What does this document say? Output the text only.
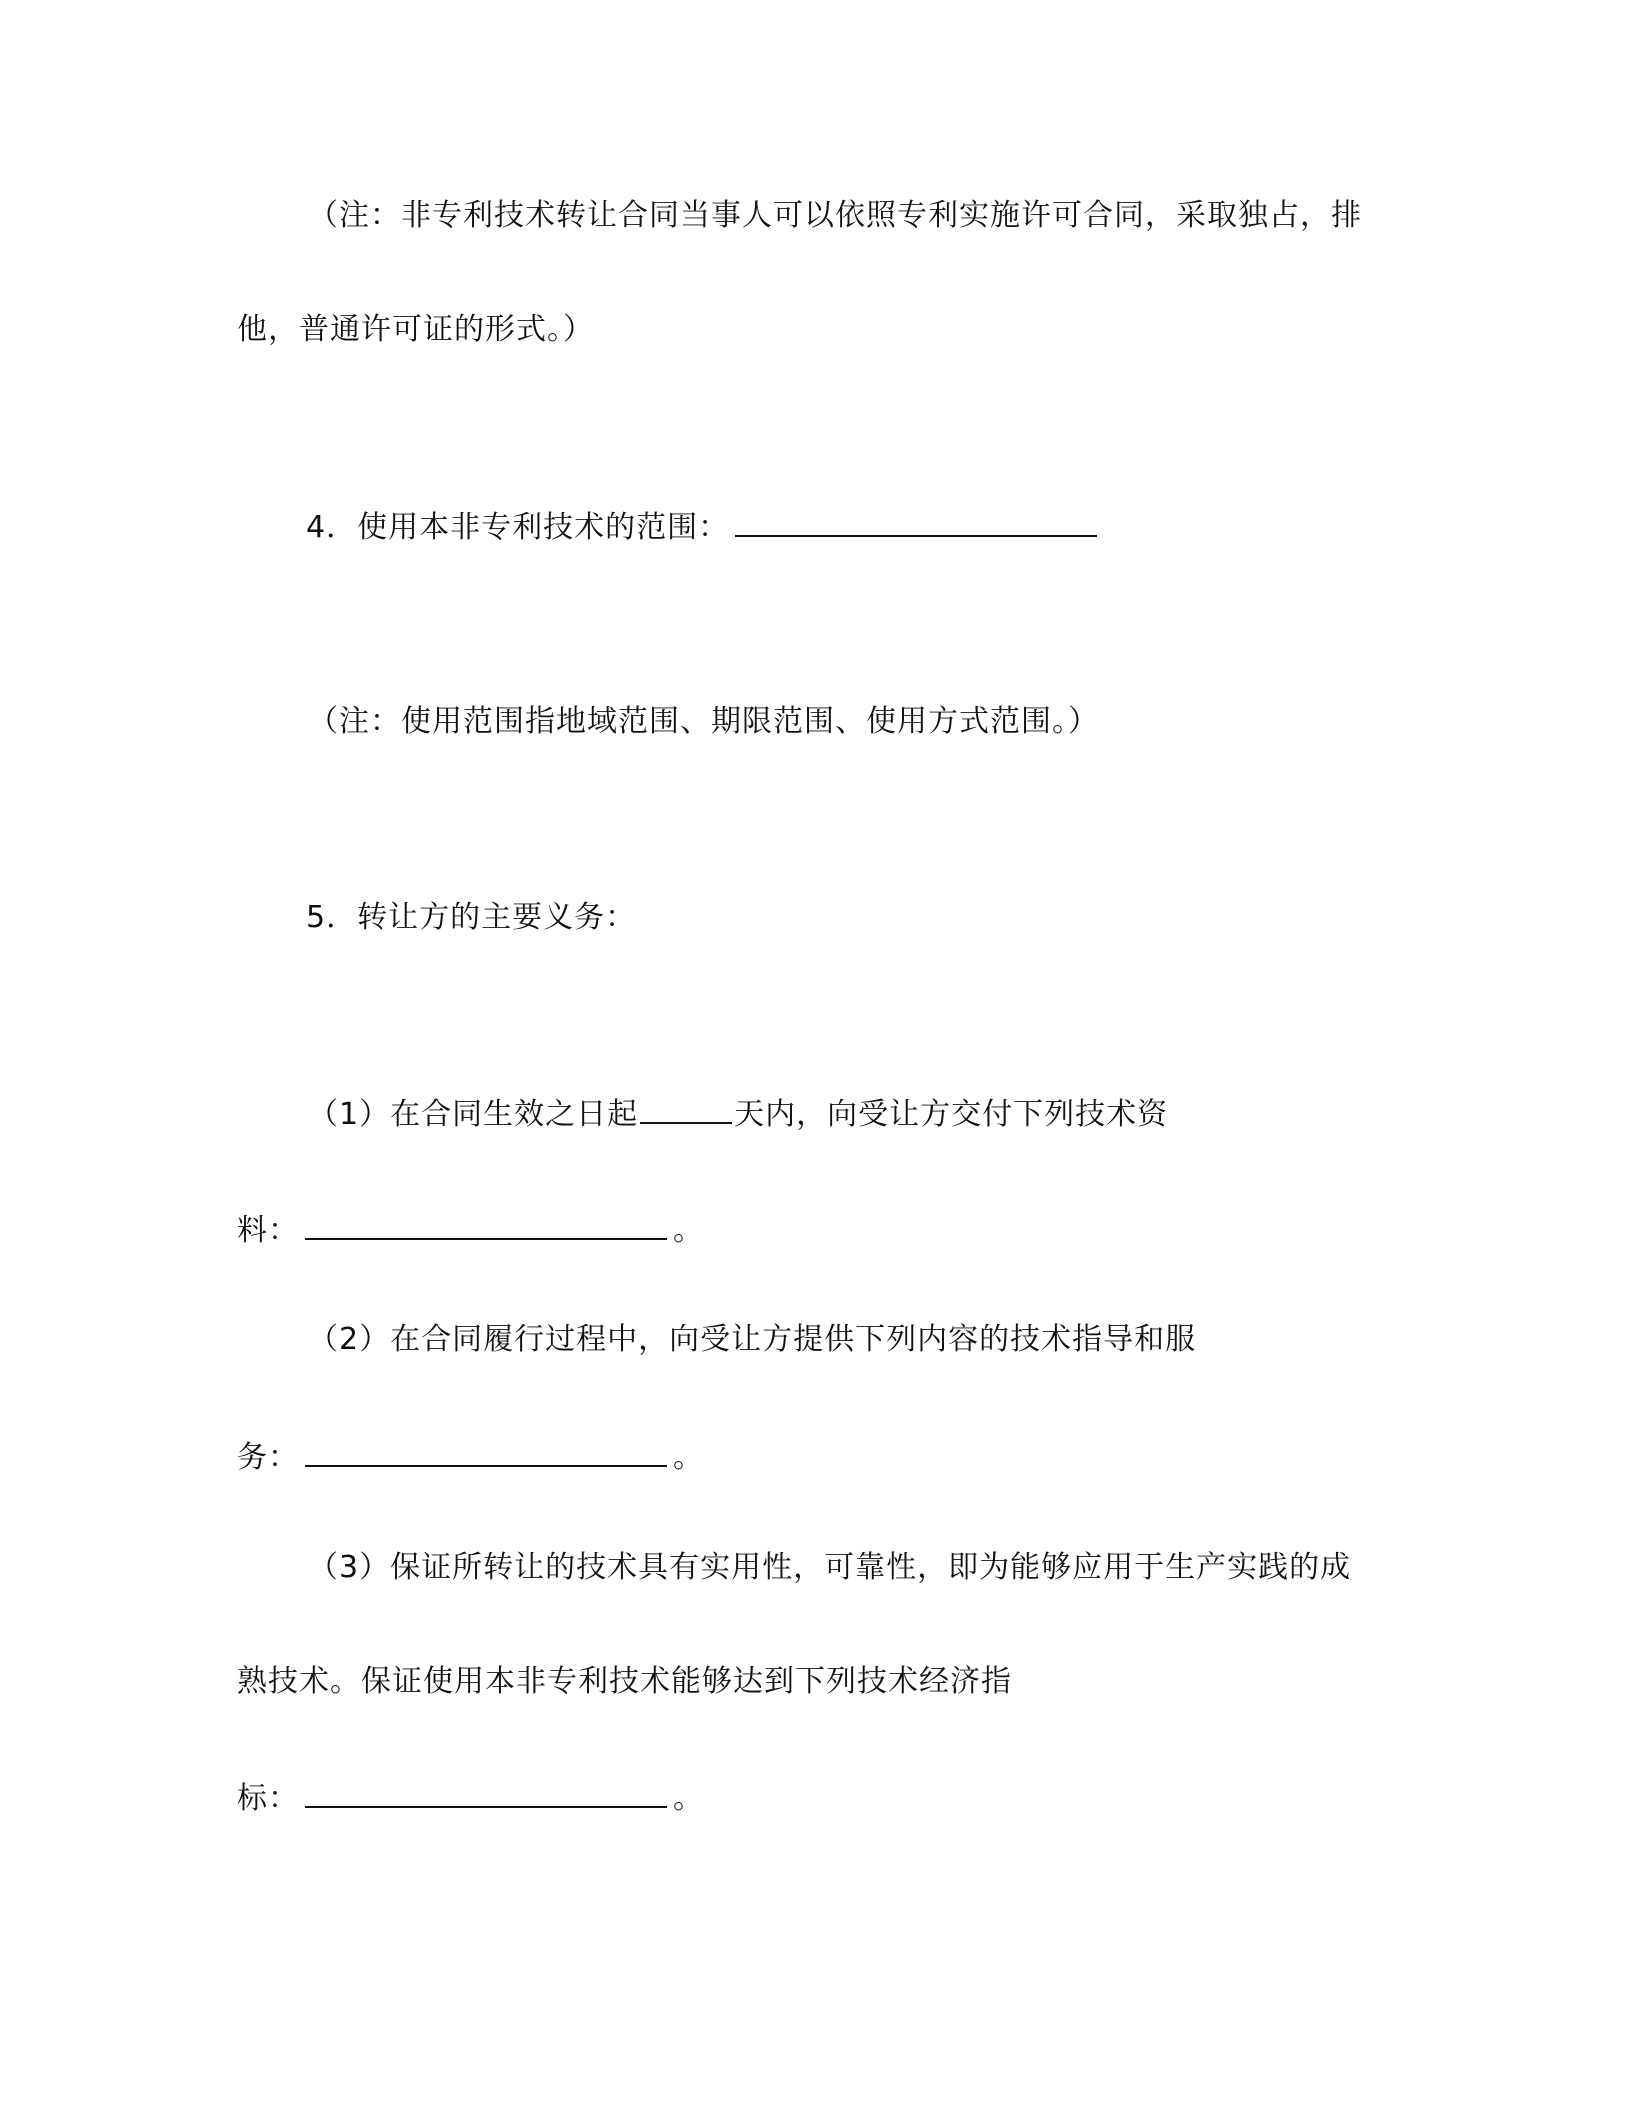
（注：非专利技术转让合同当事人可以依照专利实施许可合同，采取独占，排
他，普通许可证的形式。）
4．使用本非专利技术的范围：
（注：使用范围指地域范围、期限范围、使用方式范围。）
5．转让方的主要义务：
（1）在合同生效之日起	天内，向受让方交付下列技术资
料：	。
（2）在合同履行过程中，向受让方提供下列内容的技术指导和服
务：	。
（3）保证所转让的技术具有实用性，可靠性，即为能够应用于生产实践的成
熟技术。保证使用本非专利技术能够达到下列技术经济指
标：	。
